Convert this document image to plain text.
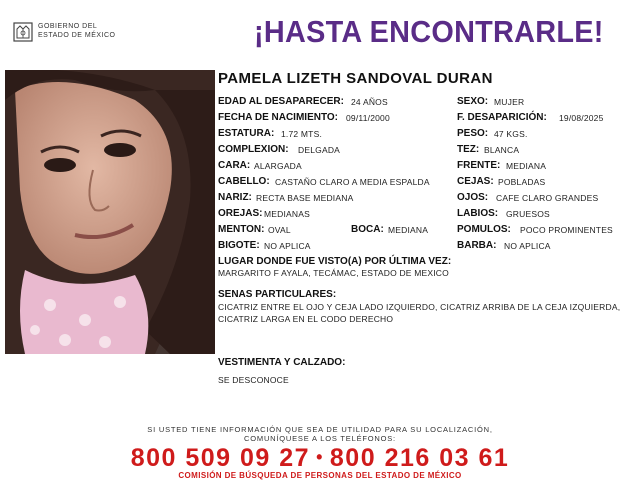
GOBIERNO DEL
ESTADO DE MÉXICO	¡HASTA ENCONTRARLE!
PAMELA LIZETH SANDOVAL DURAN
EDAD AL DESAPARECER: 24 AÑOS
FECHA DE NACIMIENTO: 09/11/2000
ESTATURA: 1.72 MTS.
COMPLEXION: DELGADA
CARA: ALARGADA
CABELLO: CASTAÑO CLARO A MEDIA ESPALDA
NARIZ: RECTA BASE MEDIANA
OREJAS: MEDIANAS
MENTON: OVAL	BOCA: MEDIANA
BIGOTE: NO APLICA
SEXO: MUJER
F. DESAPARICIÓN: 19/08/2025
PESO: 47 KGS.
TEZ: BLANCA
FRENTE: MEDIANA
CEJAS: POBLADAS
OJOS: CAFE CLARO GRANDES
LABIOS: GRUESOS
POMULOS: POCO PROMINENTES
BARBA: NO APLICA
LUGAR DONDE FUE VISTO(A) POR ÚLTIMA VEZ:
MARGARITO F AYALA, TECÁMAC, ESTADO DE MEXICO
SENAS PARTICULARES:
CICATRIZ ENTRE EL OJO Y CEJA LADO IZQUIERDO, CICATRIZ ARRIBA DE LA CEJA IZQUIERDA, CICATRIZ LARGA EN EL CODO DERECHO
VESTIMENTA Y CALZADO:
SE DESCONOCE
SI USTED TIENE INFORMACIÓN QUE SEA DE UTILIDAD PARA SU LOCALIZACIÓN,
COMUNÍQUESE A LOS TELÉFONOS:
800 509 09 27 • 800 216 03 61
COMISIÓN DE BÚSQUEDA DE PERSONAS DEL ESTADO DE MÉXICO
